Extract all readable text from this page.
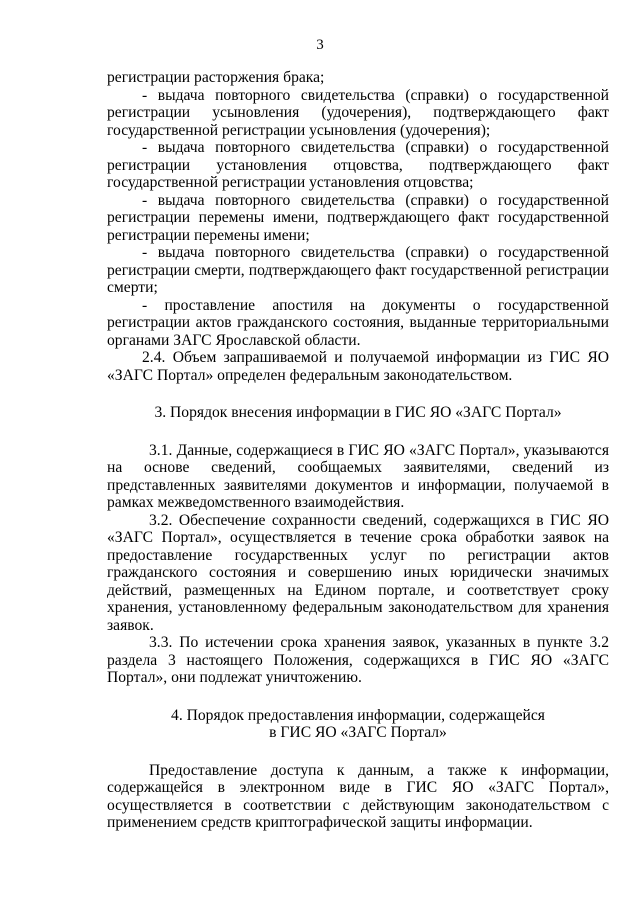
3

регистрации расторжения брака;

- выдача повторного свидетельства (справки) о государственной регистрации усыновления (удочерения), подтверждающего факт государственной регистрации усыновления (удочерения);

- выдача повторного свидетельства (справки) о государственной регистрации установления отцовства, подтверждающего факт государственной регистрации установления отцовства;

- выдача повторного свидетельства (справки) о государственной регистрации перемены имени, подтверждающего факт государственной регистрации перемены имени;

- выдача повторного свидетельства (справки) о государственной регистрации смерти, подтверждающего факт государственной регистрации смерти;

- проставление апостиля на документы о государственной регистрации актов гражданского состояния, выданные территориальными органами ЗАГС Ярославской области.

2.4. Объем запрашиваемой и получаемой информации из ГИС ЯО «ЗАГС Портал» определен федеральным законодательством.

3. Порядок внесения информации в ГИС ЯО «ЗАГС Портал»

3.1. Данные, содержащиеся в ГИС ЯО «ЗАГС Портал», указываются на основе сведений, сообщаемых заявителями, сведений из представленных заявителями документов и информации, получаемой в рамках межведомственного взаимодействия.

3.2. Обеспечение сохранности сведений, содержащихся в ГИС ЯО «ЗАГС Портал», осуществляется в течение срока обработки заявок на предоставление государственных услуг по регистрации актов гражданского состояния и совершению иных юридически значимых действий, размещенных на Едином портале, и соответствует сроку хранения, установленному федеральным законодательством для хранения заявок.

3.3. По истечении срока хранения заявок, указанных в пункте 3.2 раздела 3 настоящего Положения, содержащихся в ГИС ЯО «ЗАГС Портал», они подлежат уничтожению.

4. Порядок предоставления информации, содержащейся

в ГИС ЯО «ЗАГС Портал»

Предоставление доступа к данным, а также к информации, содержащейся в электронном виде в ГИС ЯО «ЗАГС Портал», осуществляется в соответствии с действующим законодательством с применением средств криптографической защиты информации.
